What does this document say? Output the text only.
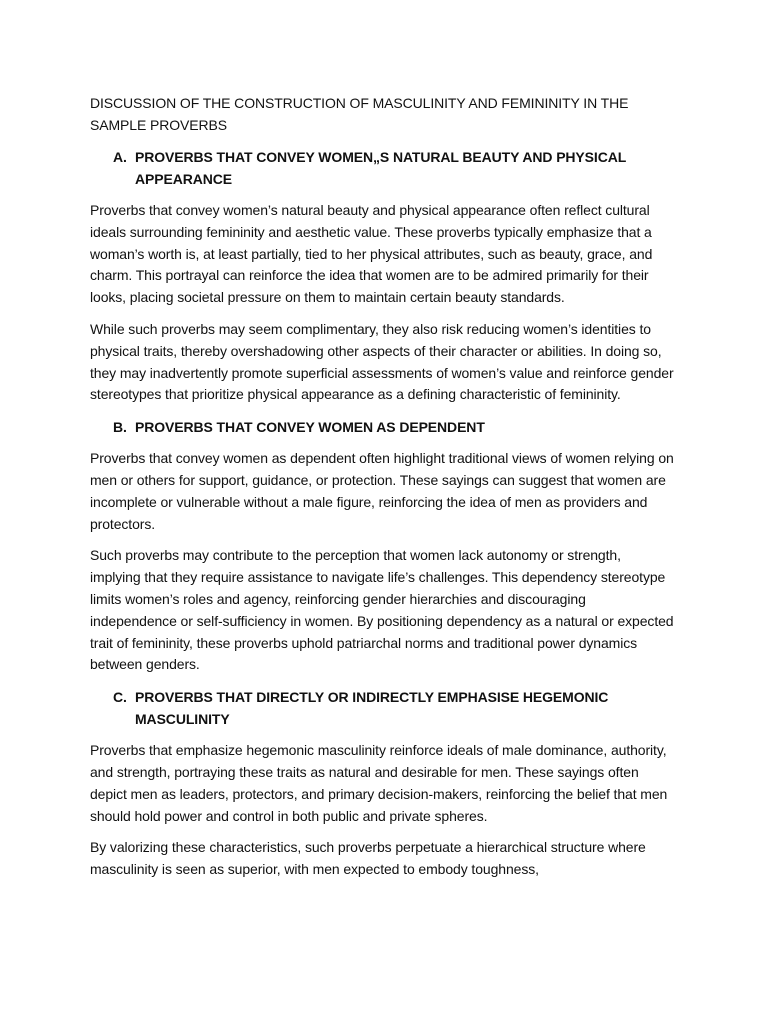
DISCUSSION OF THE CONSTRUCTION OF MASCULINITY AND FEMININITY IN THE SAMPLE PROVERBS
A. PROVERBS THAT CONVEY WOMEN„S NATURAL BEAUTY AND PHYSICAL APPEARANCE

Proverbs that convey women’s natural beauty and physical appearance often reflect cultural ideals surrounding femininity and aesthetic value. These proverbs typically emphasize that a woman’s worth is, at least partially, tied to her physical attributes, such as beauty, grace, and charm. This portrayal can reinforce the idea that women are to be admired primarily for their looks, placing societal pressure on them to maintain certain beauty standards.

While such proverbs may seem complimentary, they also risk reducing women’s identities to physical traits, thereby overshadowing other aspects of their character or abilities. In doing so, they may inadvertently promote superficial assessments of women’s value and reinforce gender stereotypes that prioritize physical appearance as a defining characteristic of femininity.

B. PROVERBS THAT CONVEY WOMEN AS DEPENDENT

Proverbs that convey women as dependent often highlight traditional views of women relying on men or others for support, guidance, or protection. These sayings can suggest that women are incomplete or vulnerable without a male figure, reinforcing the idea of men as providers and protectors.

Such proverbs may contribute to the perception that women lack autonomy or strength, implying that they require assistance to navigate life’s challenges. This dependency stereotype limits women’s roles and agency, reinforcing gender hierarchies and discouraging independence or self-sufficiency in women. By positioning dependency as a natural or expected trait of femininity, these proverbs uphold patriarchal norms and traditional power dynamics between genders.

C. PROVERBS THAT DIRECTLY OR INDIRECTLY EMPHASISE HEGEMONIC MASCULINITY

Proverbs that emphasize hegemonic masculinity reinforce ideals of male dominance, authority, and strength, portraying these traits as natural and desirable for men. These sayings often depict men as leaders, protectors, and primary decision-makers, reinforcing the belief that men should hold power and control in both public and private spheres.

By valorizing these characteristics, such proverbs perpetuate a hierarchical structure where masculinity is seen as superior, with men expected to embody toughness,
